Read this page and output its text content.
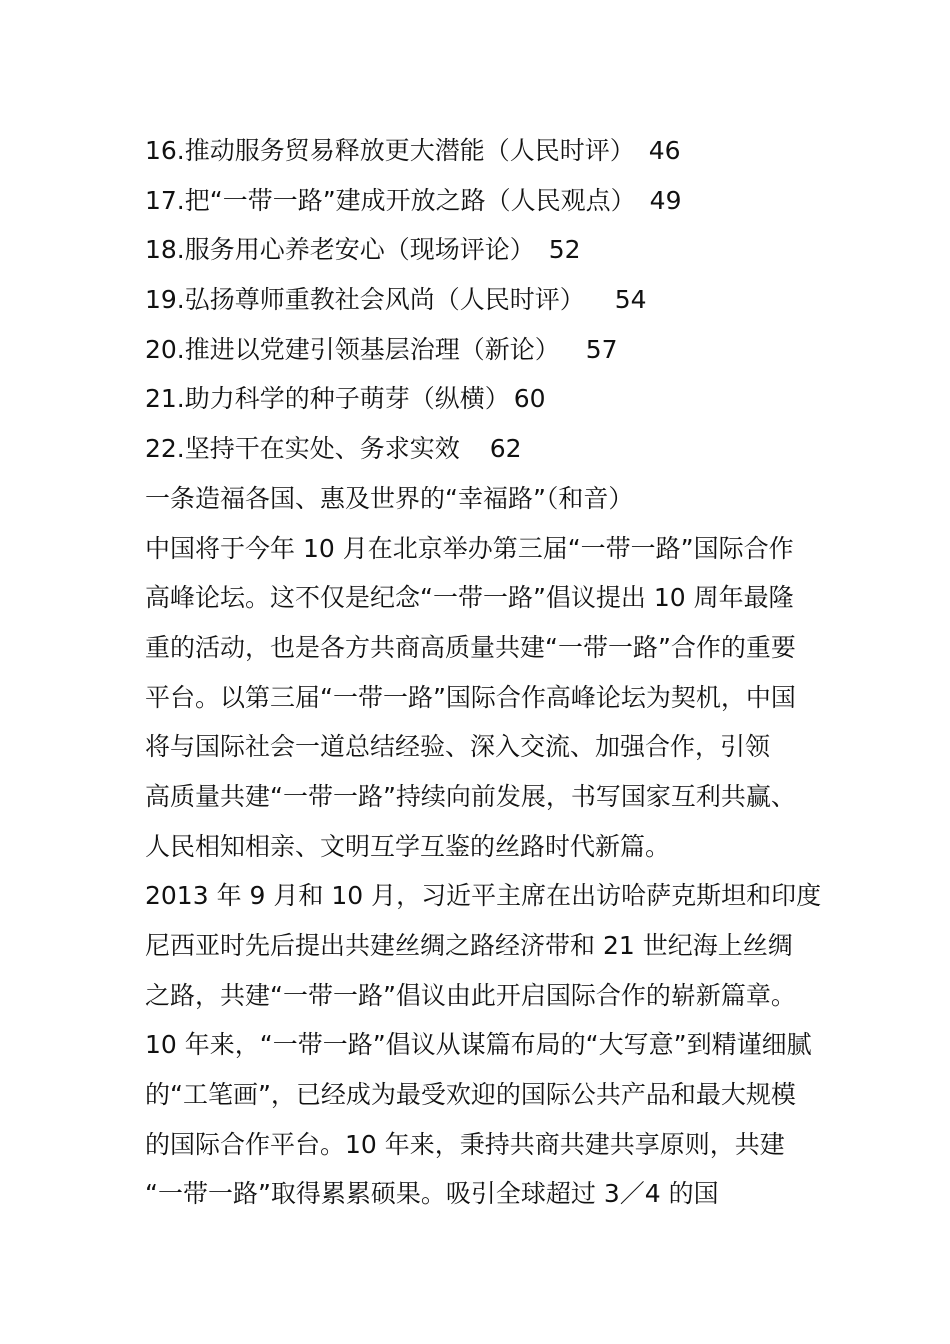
16.推动服务贸易释放更大潜能（人民时评） 46
17.把“一带一路”建成开放之路（人民观点） 49
18.服务用心养老安心（现场评论） 52
19.弘扬尊师重教社会风尚（人民时评） 54
20.推进以党建引领基层治理（新论） 57
21.助力科学的种子萌芽（纵横） 60
22.坚持干在实处、务求实效 62
一条造福各国、惠及世界的“幸福路”（和音）
中国将于今年 10 月在北京举办第三届“一带一路”国际合作
高峰论坛。这不仅是纪念“一带一路”倡议提出 10 周年最隆
重的活动，也是各方共商高质量共建“一带一路”合作的重要
平台。以第三届“一带一路”国际合作高峰论坛为契机，中国
将与国际社会一道总结经验、深入交流、加强合作，引领
高质量共建“一带一路”持续向前发展，书写国家互利共赢、
人民相知相亲、文明互学互鉴的丝路时代新篇。
2013 年 9 月和 10 月，习近平主席在出访哈萨克斯坦和印度
尼西亚时先后提出共建丝绸之路经济带和 21 世纪海上丝绸
之路，共建“一带一路”倡议由此开启国际合作的崭新篇章。
10 年来，“一带一路”倡议从谋篇布局的“大写意”到精谨细腻
的“工笔画”，已经成为最受欢迎的国际公共产品和最大规模
的国际合作平台。10 年来，秉持共商共建共享原则，共建
“一带一路”取得累累硕果。吸引全球超过 3／4 的国
